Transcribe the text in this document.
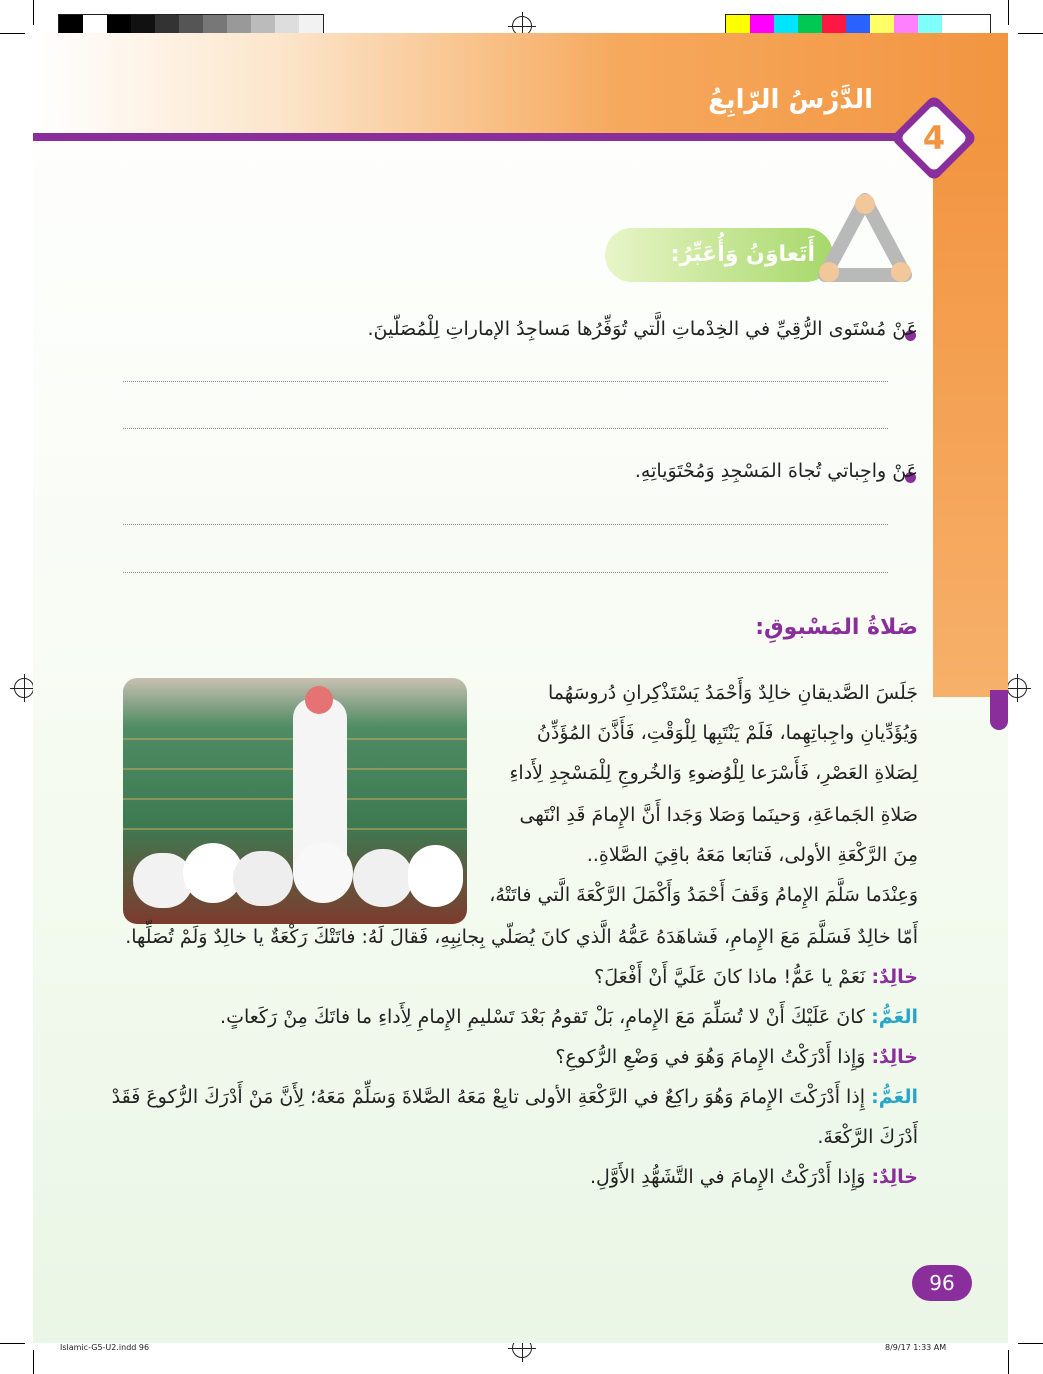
الدَّرْسُ الرّابِعُ
4
أَتَعاوَنُ وَأُعَبِّرُ:
عَنْ مُسْتَوى الرُّقِيِّ في الخِدْماتِ الَّتي تُوَفِّرُها مَساجِدُ الإماراتِ لِلْمُصَلّينَ.
عَنْ واجِباتي تُجاهَ المَسْجِدِ وَمُحْتَوَياتِهِ.
صَلاةُ المَسْبوقِ:
جَلَسَ الصَّديقانِ خالِدٌ وَأَحْمَدُ يَسْتَذْكِرانِ دُروسَهُما
وَيُؤَدِّيانِ واجِباتِهِما، فَلَمْ يَنْتَبِها لِلْوَقْتِ، فَأَذَّنَ المُؤَذِّنُ
لِصَلاةِ العَصْرِ، فَأَسْرَعا لِلْوُضوءِ وَالخُروجِ لِلْمَسْجِدِ لِأَداءِ
صَلاةِ الجَماعَةِ، وَحينَما وَصَلا وَجَدا أَنَّ الإِمامَ قَدِ انْتَهى
مِنَ الرَّكْعَةِ الأولى، فَتابَعا مَعَهُ باقِيَ الصَّلاةِ..
وَعِنْدَما سَلَّمَ الإِمامُ وَقَفَ أَحْمَدُ وَأَكْمَلَ الرَّكْعَةَ الَّتي فاتَتْهُ،
أَمّا خالِدٌ فَسَلَّمَ مَعَ الإِمامِ، فَشاهَدَهُ عَمُّهُ الَّذي كانَ يُصَلّي بِجانِبِهِ، فَقالَ لَهُ: فاتَتْكَ رَكْعَةٌ يا خالِدٌ وَلَمْ تُصَلِّها.
خالِدٌ: نَعَمْ يا عَمُّ! ماذا كانَ عَلَيَّ أَنْ أَفْعَلَ؟
العَمُّ: كانَ عَلَيْكَ أَنْ لا تُسَلِّمَ مَعَ الإِمامِ، بَلْ تَقومُ بَعْدَ تَسْليمِ الإِمامِ لِأَداءِ ما فاتَكَ مِنْ رَكَعاتٍ.
خالِدٌ: وَإِذا أَدْرَكْتُ الإِمامَ وَهُوَ في وَضْعِ الرُّكوعِ؟
العَمُّ: إِذا أَدْرَكْتَ الإِمامَ وَهُوَ راكِعٌ في الرَّكْعَةِ الأولى تابِعْ مَعَهُ الصَّلاةَ وَسَلِّمْ مَعَهُ؛ لِأَنَّ مَنْ أَدْرَكَ الرُّكوعَ فَقَدْ
أَدْرَكَ الرَّكْعَةَ.
خالِدٌ: وَإِذا أَدْرَكْتُ الإِمامَ في التَّشَهُّدِ الأَوَّلِ.
96
Islamic-G5-U2.indd 96	8/9/17 1:33 AM
